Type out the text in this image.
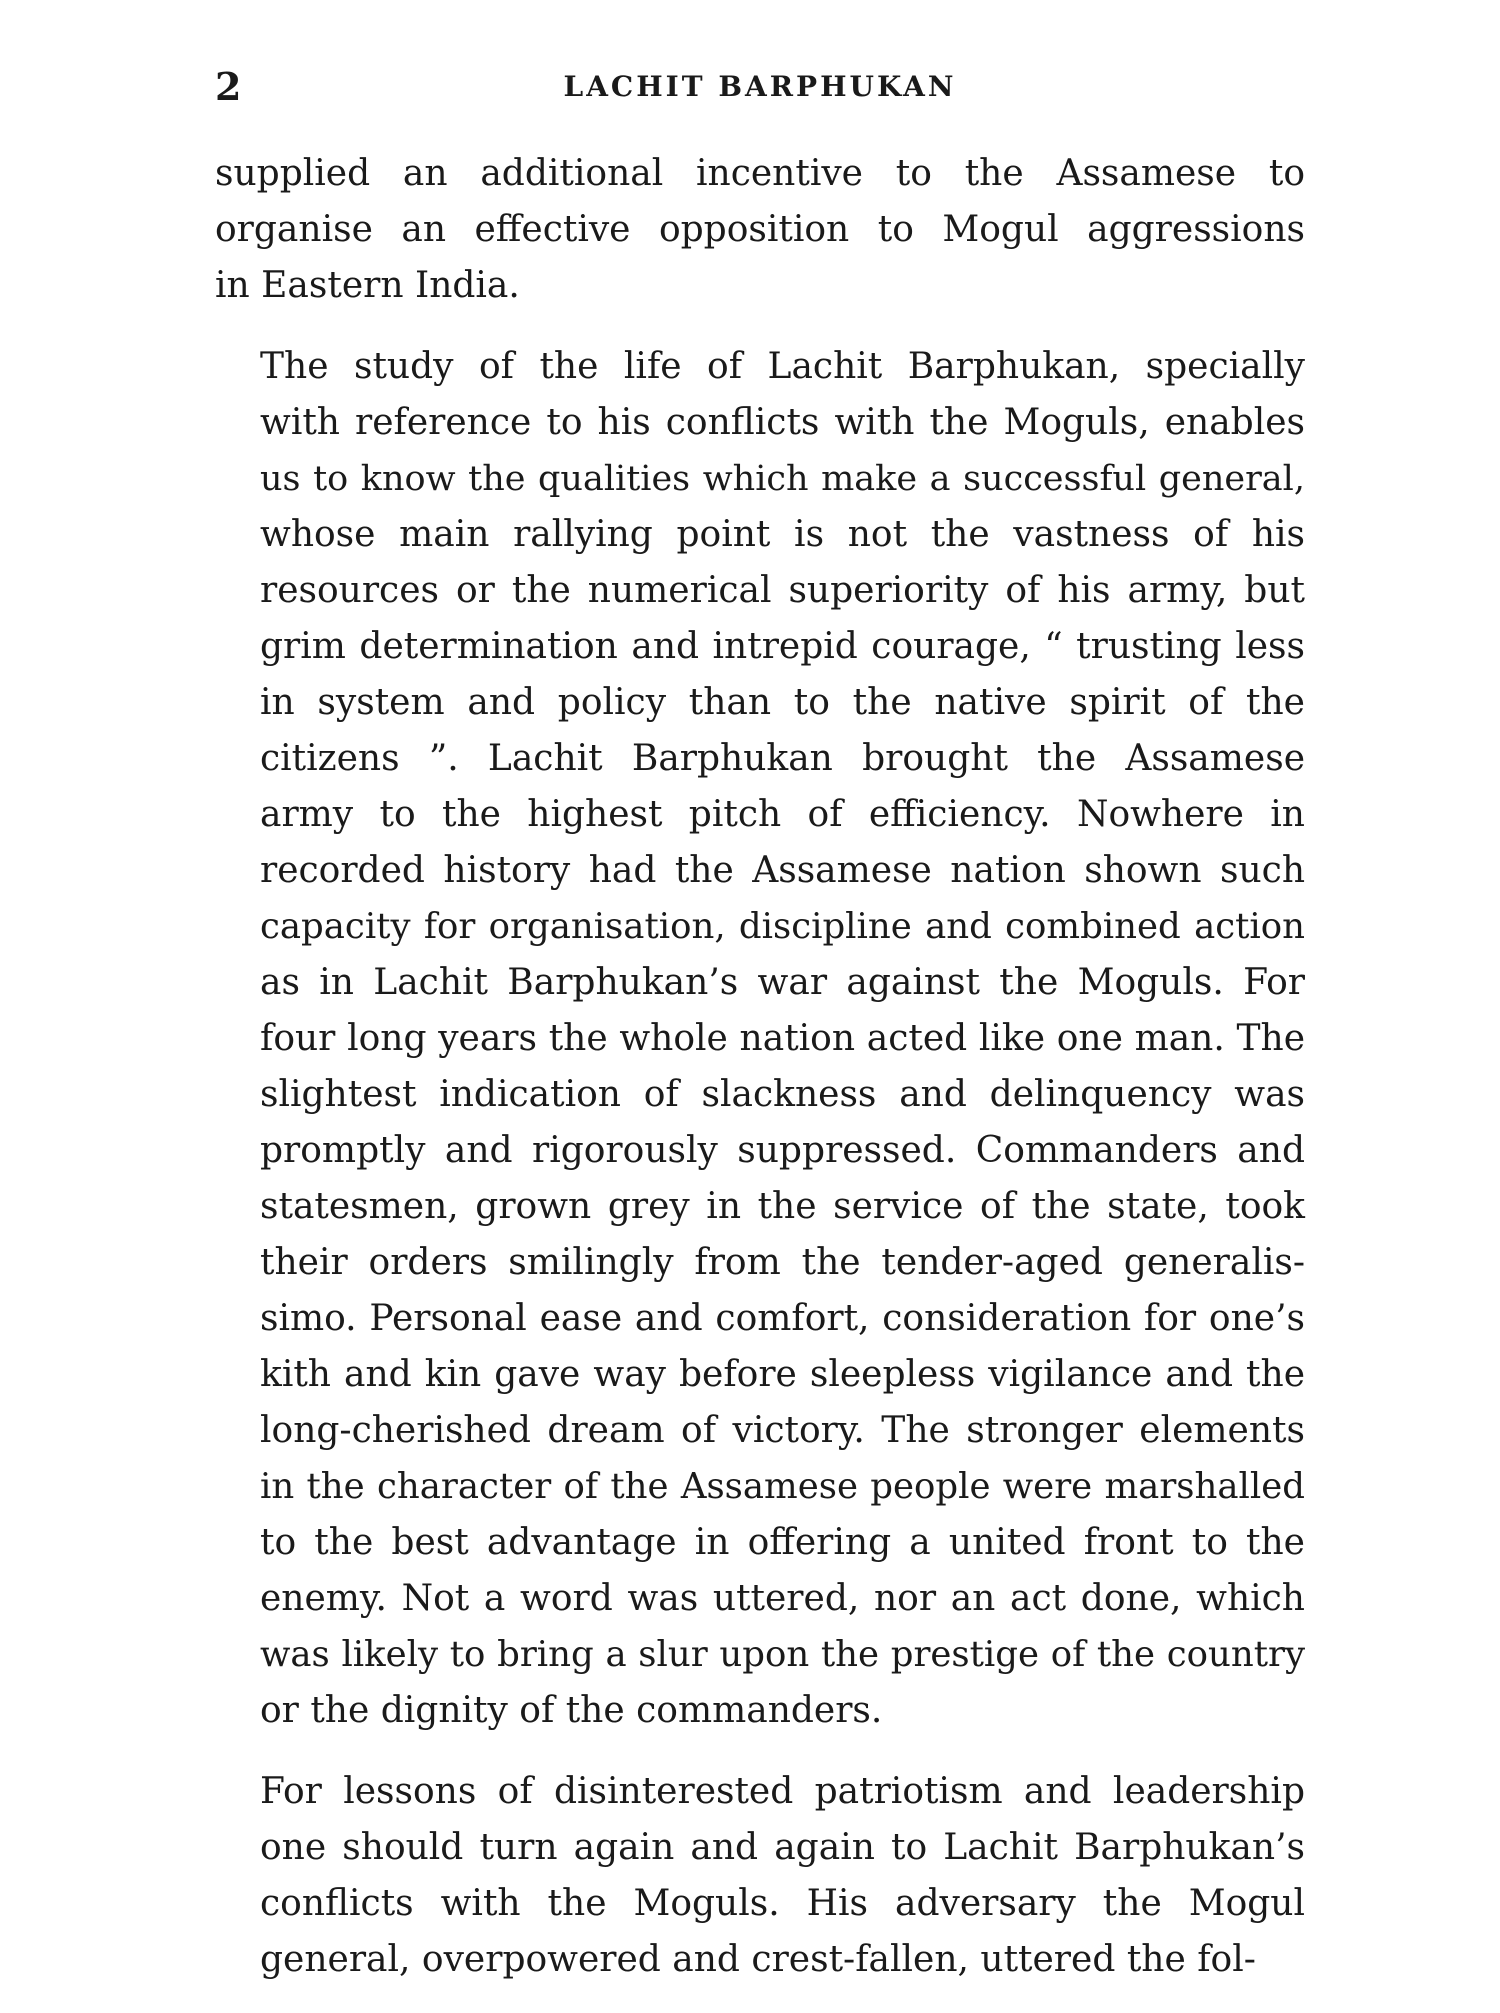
2	LACHIT BARPHUKAN

supplied an additional incentive to the Assamese to
organise an effective opposition to Mogul aggressions
in Eastern India.

The study of the life of Lachit Barphukan, specially
with reference to his conflicts with the Moguls, enables
us to know the qualities which make a successful general,
whose main rallying point is not the vastness of his
resources or the numerical superiority of his army, but
grim determination and intrepid courage, “ trusting less
in system and policy than to the native spirit of the
citizens ”. Lachit Barphukan brought the Assamese
army to the highest pitch of efficiency. Nowhere in
recorded history had the Assamese nation shown such
capacity for organisation, discipline and combined action
as in Lachit Barphukan’s war against the Moguls. For
four long years the whole nation acted like one man. The
slightest indication of slackness and delinquency was
promptly and rigorously suppressed. Commanders and
statesmen, grown grey in the service of the state, took
their orders smilingly from the tender-aged generalis-
simo. Personal ease and comfort, consideration for one’s
kith and kin gave way before sleepless vigilance and the
long-cherished dream of victory. The stronger elements
in the character of the Assamese people were marshalled
to the best advantage in offering a united front to the
enemy. Not a word was uttered, nor an act done, which
was likely to bring a slur upon the prestige of the country
or the dignity of the commanders.

For lessons of disinterested patriotism and leadership
one should turn again and again to Lachit Barphukan’s
conflicts with the Moguls. His adversary the Mogul
general, overpowered and crest-fallen, uttered the fol-
